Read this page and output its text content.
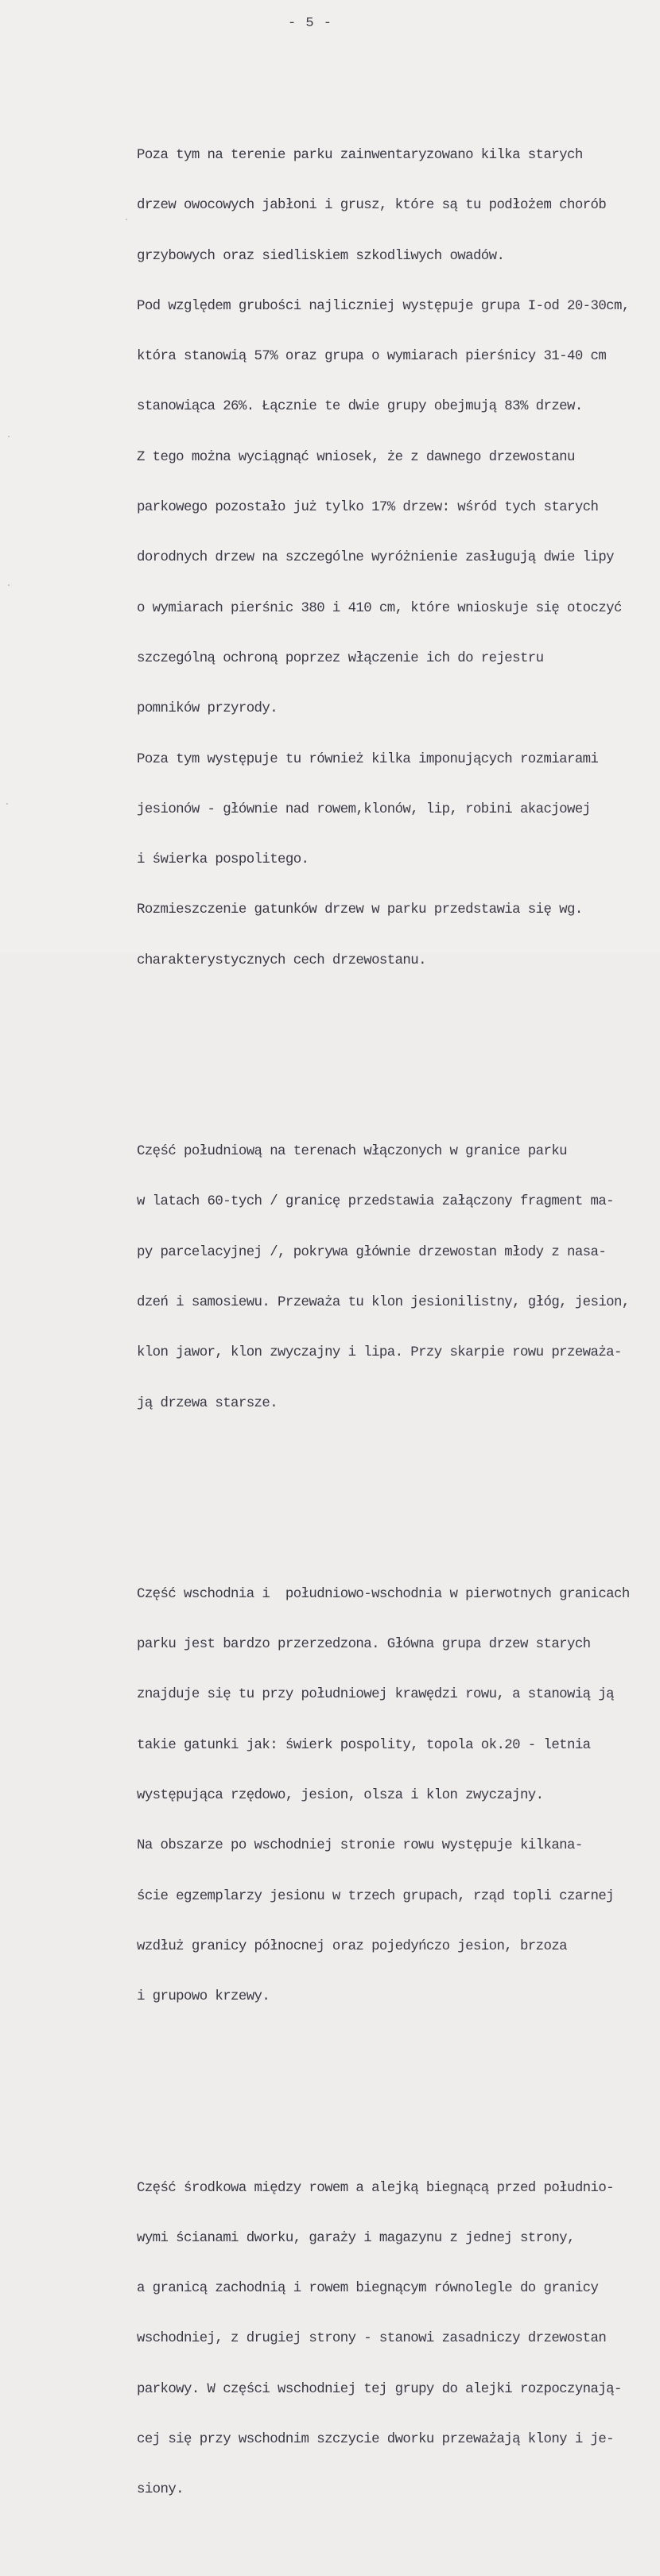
- 5 -

Poza tym na terenie parku zainwentaryzowano kilka starych

drzew owocowych jabłoni i grusz, które są tu podłożem chorób

grzybowych oraz siedliskiem szkodliwych owadów.

Pod względem grubości najliczniej występuje grupa I-od 20-30cm,

która stanowią 57% oraz grupa o wymiarach pierśnicy 31-40 cm

stanowiąca 26%. Łącznie te dwie grupy obejmują 83% drzew.

Z tego można wyciągnąć wniosek, że z dawnego drzewostanu

parkowego pozostało już tylko 17% drzew: wśród tych starych

dorodnych drzew na szczególne wyróżnienie zasługują dwie lipy

o wymiarach pierśnic 380 i 410 cm, które wnioskuje się otoczyć

szczególną ochroną poprzez włączenie ich do rejestru

pomników przyrody.

Poza tym występuje tu również kilka imponujących rozmiarami

jesionów - głównie nad rowem,klonów, lip, robini akacjowej

i świerka pospolitego.

Rozmieszczenie gatunków drzew w parku przedstawia się wg.

charakterystycznych cech drzewostanu.

Część południową na terenach włączonych w granice parku

w latach 60-tych / granicę przedstawia załączony fragment ma-

py parcelacyjnej /, pokrywa głównie drzewostan młody z nasa-

dzeń i samosiewu. Przeważa tu klon jesionilistny, głóg, jesion,

klon jawor, klon zwyczajny i lipa. Przy skarpie rowu przeważa-

ją drzewa starsze.

Część wschodnia i  południowo-wschodnia w pierwotnych granicach

parku jest bardzo przerzedzona. Główna grupa drzew starych

znajduje się tu przy południowej krawędzi rowu, a stanowią ją

takie gatunki jak: świerk pospolity, topola ok.20 - letnia

występująca rzędowo, jesion, olsza i klon zwyczajny.

Na obszarze po wschodniej stronie rowu występuje kilkana-

ście egzemplarzy jesionu w trzech grupach, rząd topli czarnej

wzdłuż granicy północnej oraz pojedyńczo jesion, brzoza

i grupowo krzewy.

Część środkowa między rowem a alejką biegnącą przed południo-

wymi ścianami dworku, garaży i magazynu z jednej strony,

a granicą zachodnią i rowem biegnącym równolegle do granicy

wschodniej, z drugiej strony - stanowi zasadniczy drzewostan

parkowy. W części wschodniej tej grupy do alejki rozpoczynają-

cej się przy wschodnim szczycie dworku przeważają klony i je-

siony.
